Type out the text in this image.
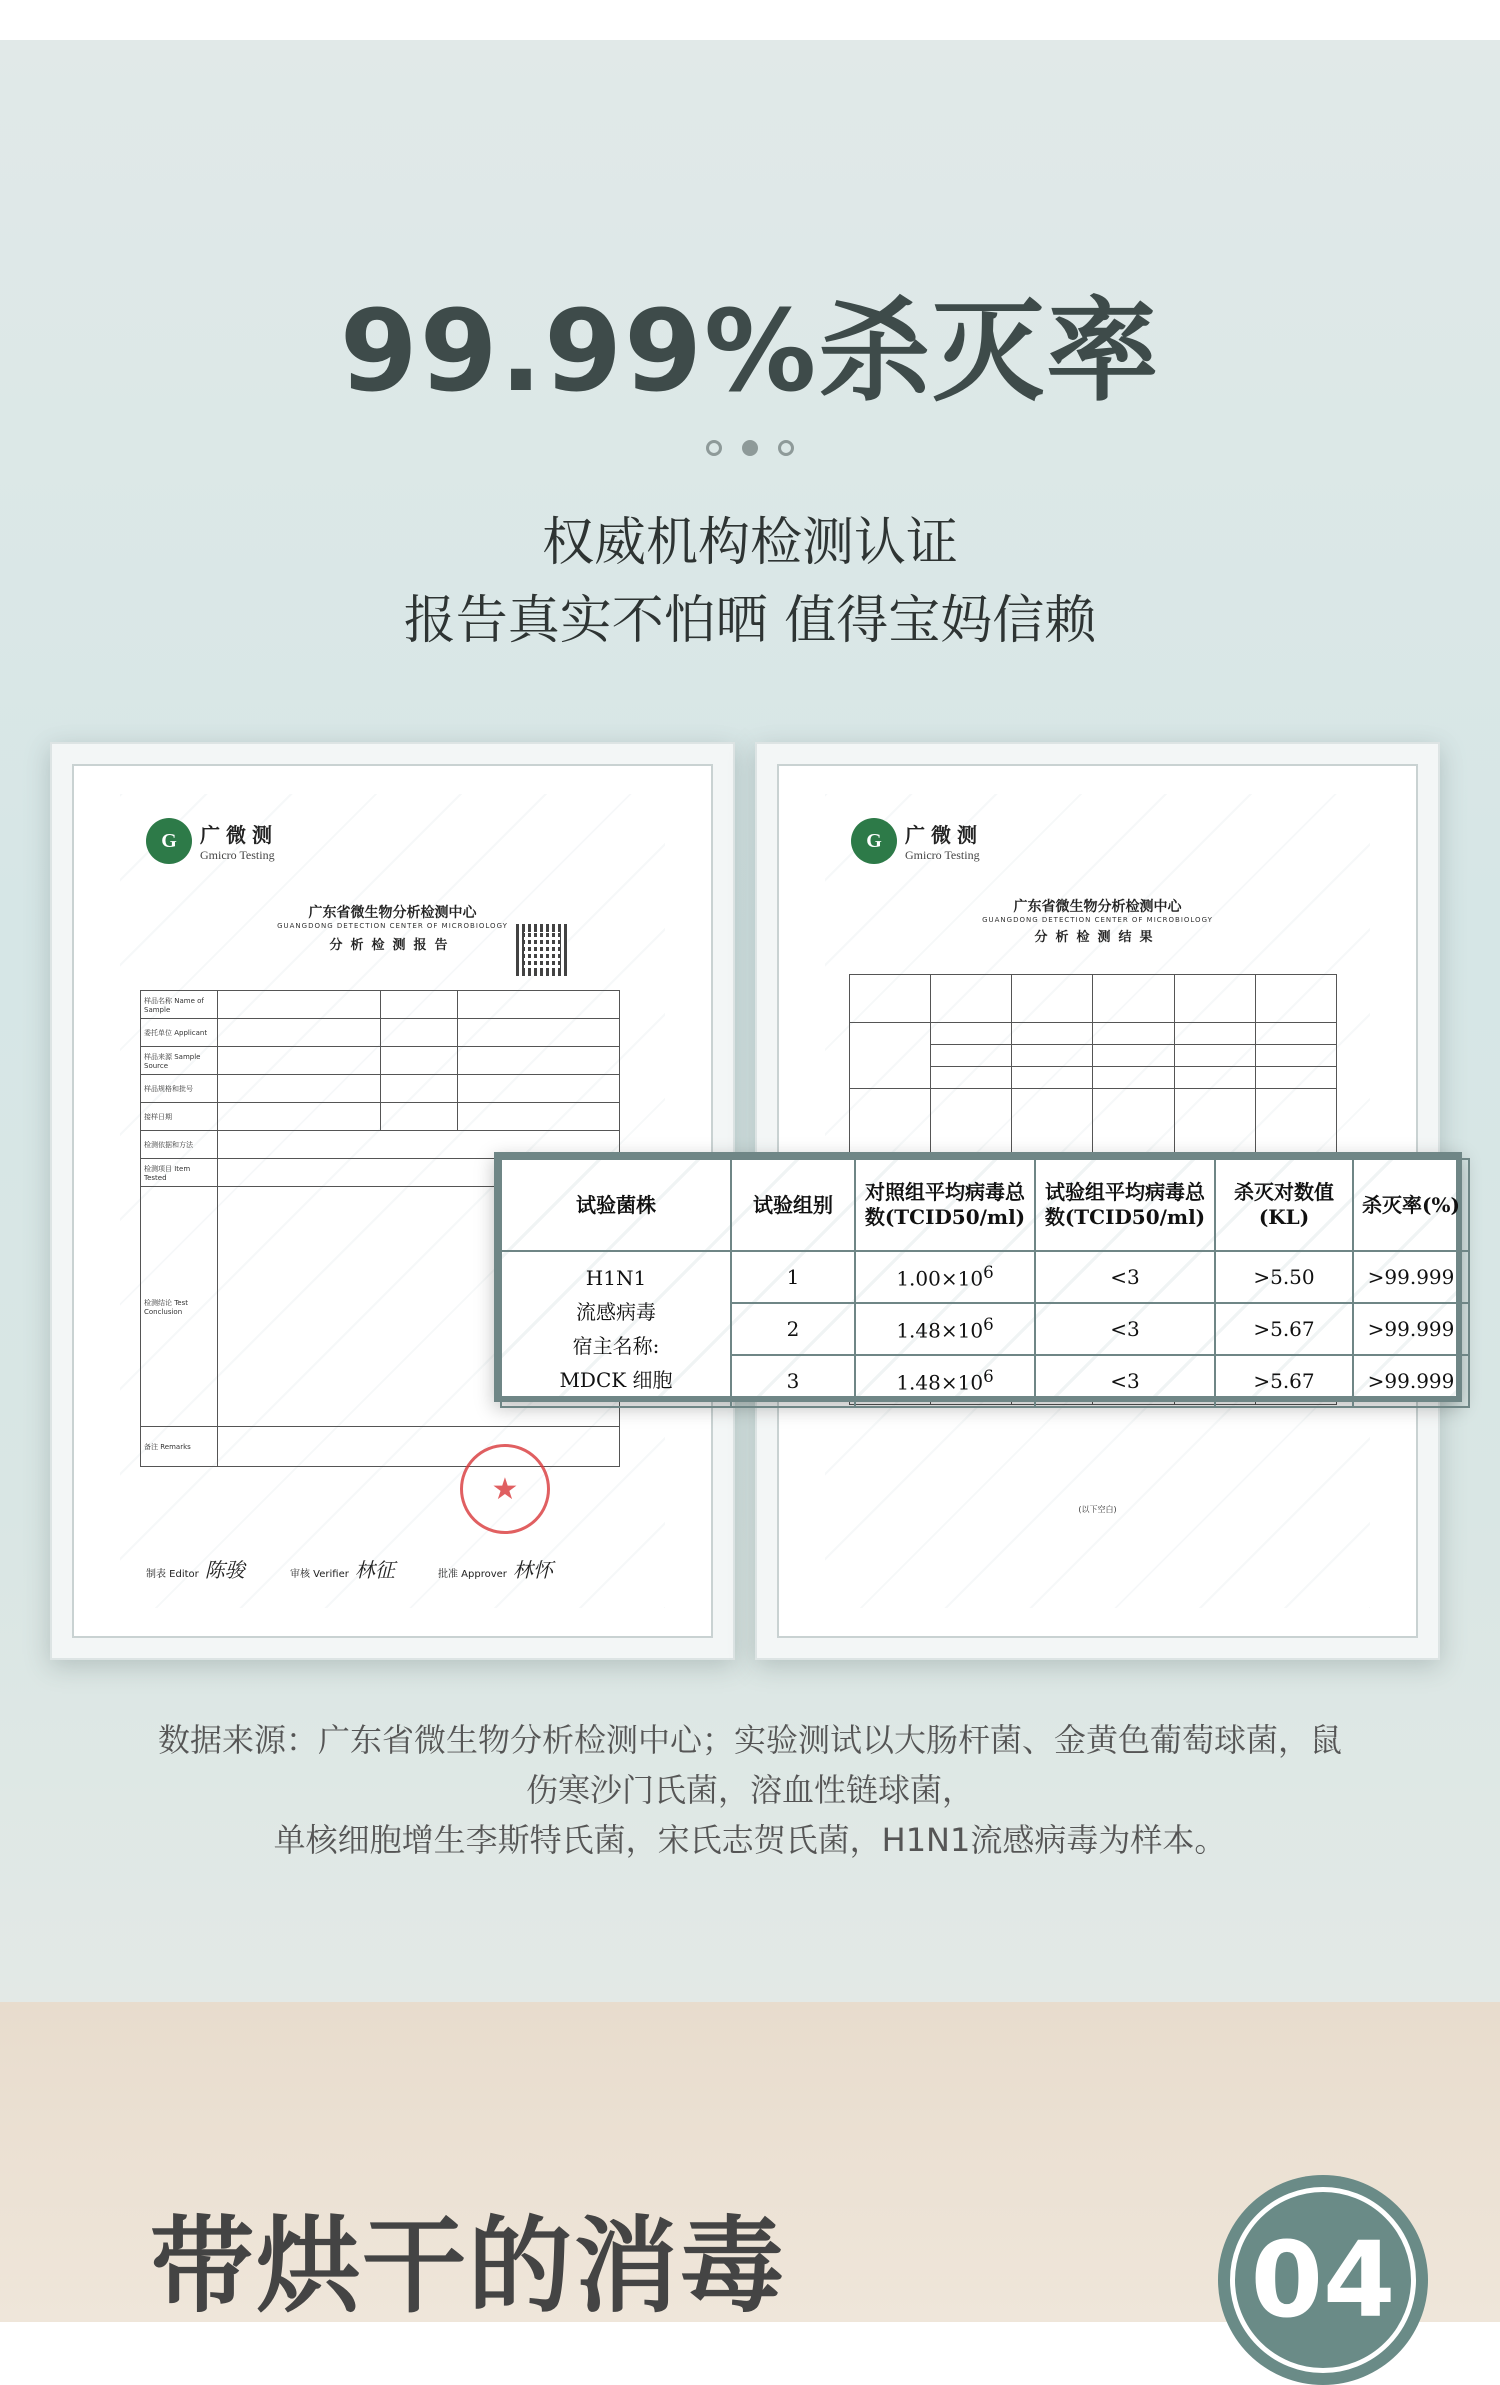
99.99%杀灭率
权威机构检测认证
报告真实不怕晒 值得宝妈信赖
G	广微测
Gmicro Testing
广东省微生物分析检测中心
GUANGDONG DETECTION CENTER OF MICROBIOLOGY
分析检测报告
样品名称 Name of Sample			
委托单位 Applicant			
样品来源 Sample Source			
样品规格和批号			
接样日期			
检测依据和方法			
检测项目 Item Tested			
检测结论 Test Conclusion			
备注 Remarks			
★
制表 Editor 陈骏	审核 Verifier 林征	批准 Approver 林怀
G	广微测
Gmicro Testing
广东省微生物分析检测中心
GUANGDONG DETECTION CENTER OF MICROBIOLOGY
分析检测结果

(以下空白)
试验菌株	试验组别	对照组平均病毒总数(TCID50/ml)	试验组平均病毒总数(TCID50/ml)	杀灭对数值(KL)	杀灭率(%)

H1N1
流感病毒
宿主名称:
MDCK 细胞	1	$1.00\times 10^6$	<3	>5.50	>99.999
	2	$1.48\times 10^6$	<3	>5.67	>99.999
	3	$1.48\times 10^6$	<3	>5.67	>99.999
数据来源：广东省微生物分析检测中心；实验测试以大肠杆菌、金黄色葡萄球菌，鼠
伤寒沙门氏菌，溶血性链球菌，
单核细胞增生李斯特氏菌，宋氏志贺氏菌，H1N1流感病毒为样本。
带烘干的消毒	04
